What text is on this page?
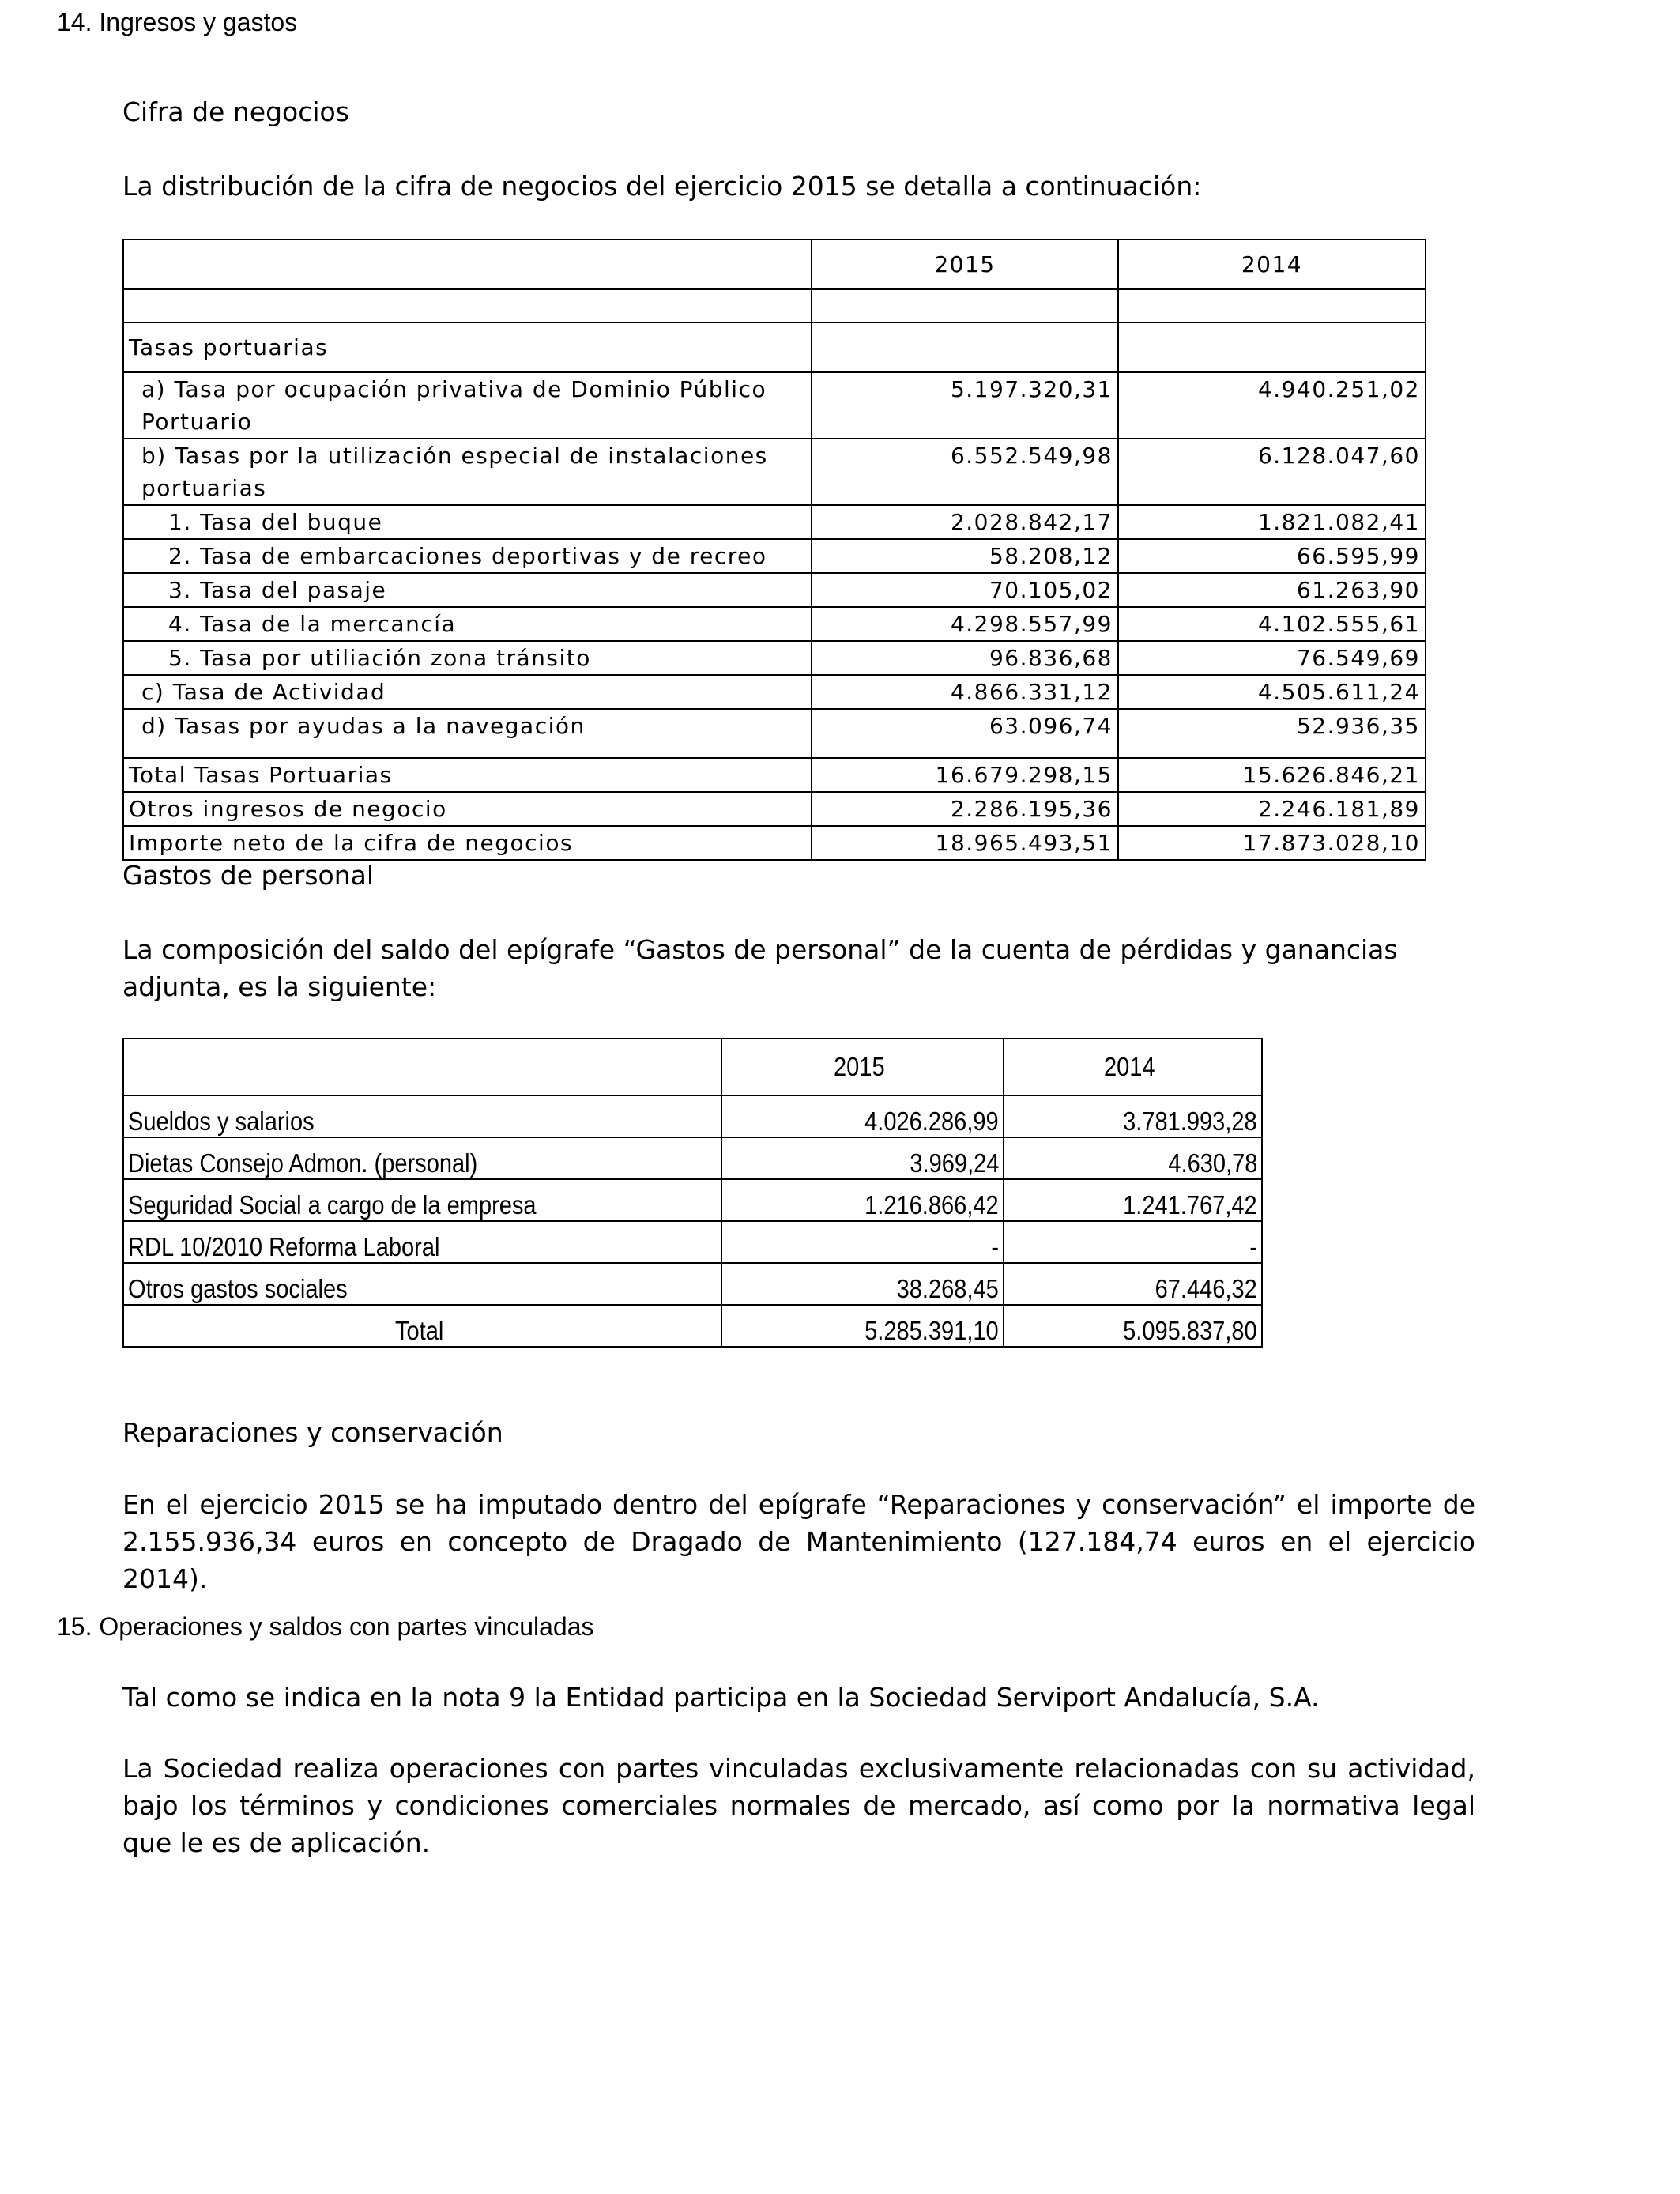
14. Ingresos y gastos
Cifra de negocios
La distribución de la cifra de negocios del ejercicio 2015 se detalla a continuación:
	2015	2014

Tasas portuarias		
a) Tasa por ocupación privativa de Dominio Público Portuario	5.197.320,31	4.940.251,02
b) Tasas por la utilización especial de instalaciones portuarias	6.552.549,98	6.128.047,60
1. Tasa del buque	2.028.842,17	1.821.082,41
2. Tasa de embarcaciones deportivas y de recreo	58.208,12	66.595,99
3. Tasa del pasaje	70.105,02	61.263,90
4. Tasa de la mercancía	4.298.557,99	4.102.555,61
5. Tasa por utiliación zona tránsito	96.836,68	76.549,69
c) Tasa de Actividad	4.866.331,12	4.505.611,24
d) Tasas por ayudas a la navegación	63.096,74	52.936,35
Total Tasas Portuarias	16.679.298,15	15.626.846,21
Otros ingresos de negocio	2.286.195,36	2.246.181,89
Importe neto de la cifra de negocios	18.965.493,51	17.873.028,10
Gastos de personal
La composición del saldo del epígrafe “Gastos de personal” de la cuenta de pérdidas y ganancias adjunta, es la siguiente:
	2015	2014
Sueldos y salarios	4.026.286,99	3.781.993,28
Dietas Consejo Admon. (personal)	3.969,24	4.630,78
Seguridad Social a cargo de la empresa	1.216.866,42	1.241.767,42
RDL 10/2010 Reforma Laboral	-	-
Otros gastos sociales	38.268,45	67.446,32
Total	5.285.391,10	5.095.837,80
Reparaciones y conservación
En el ejercicio 2015 se ha imputado dentro del epígrafe “Reparaciones y conservación” el importe de 2.155.936,34 euros en concepto de Dragado de Mantenimiento (127.184,74 euros en el ejercicio 2014).
15. Operaciones y saldos con partes vinculadas
Tal como se indica en la nota 9 la Entidad participa en la Sociedad Serviport Andalucía, S.A.
La Sociedad realiza operaciones con partes vinculadas exclusivamente relacionadas con su actividad, bajo los términos y condiciones comerciales normales de mercado, así como por la normativa legal que le es de aplicación.
